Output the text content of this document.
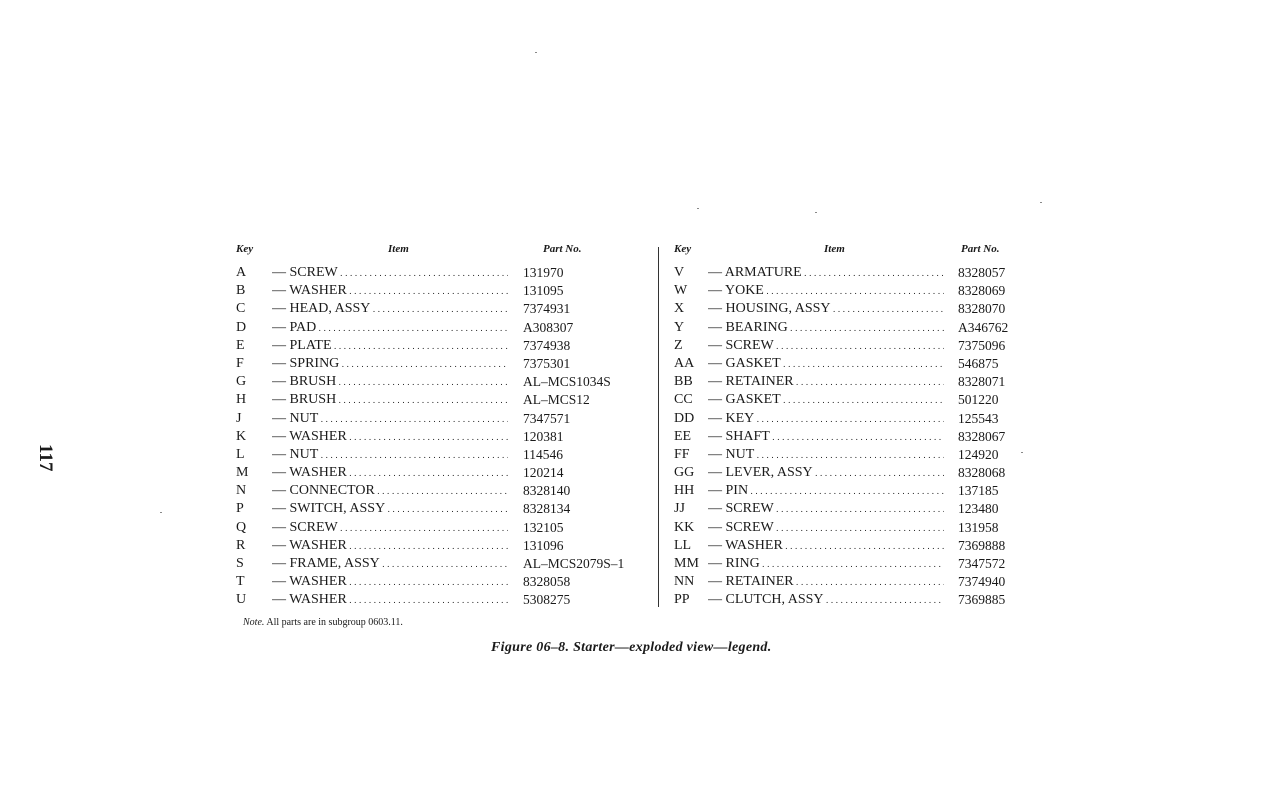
117
Key	Item	Part No.
A — SCREW . . .	131970
B — WASHER . . .	131095
C — HEAD, ASSY . . .	7374931
D — PAD . . .	A308307
E — PLATE . . .	7374938
F — SPRING . . .	7375301
G — BRUSH . . .	AL–MCS1034S
H — BRUSH . . .	AL–MCS12
J — NUT . . .	7347571
K — WASHER . . .	120381
L — NUT . . .	114546
M — WASHER . . .	120214
N — CONNECTOR . . .	8328140
P — SWITCH, ASSY . . .	8328134
Q — SCREW . . .	132105
R — WASHER . . .	131096
S — FRAME, ASSY . . .	AL–MCS2079S–1
T — WASHER . . .	8328058
U — WASHER . . .	5308275
Key	Item	Part No.
V — ARMATURE . . .	8328057
W — YOKE . . .	8328069
X — HOUSING, ASSY . . .	8328070
Y — BEARING . . .	A346762
Z — SCREW . . .	7375096
AA — GASKET . . .	546875
BB — RETAINER . . .	8328071
CC — GASKET . . .	501220
DD — KEY . . .	125543
EE — SHAFT . . .	8328067
FF — NUT . . .	124920
GG — LEVER, ASSY . . .	8328068
HH — PIN . . .	137185
JJ — SCREW . . .	123480
KK — SCREW . . .	131958
LL — WASHER . . .	7369888
MM — RING . . .	7347572
NN — RETAINER . . .	7374940
PP — CLUTCH, ASSY . . .	7369885
Note. All parts are in subgroup 0603.11.
Figure 06–8. Starter—exploded view—legend.
